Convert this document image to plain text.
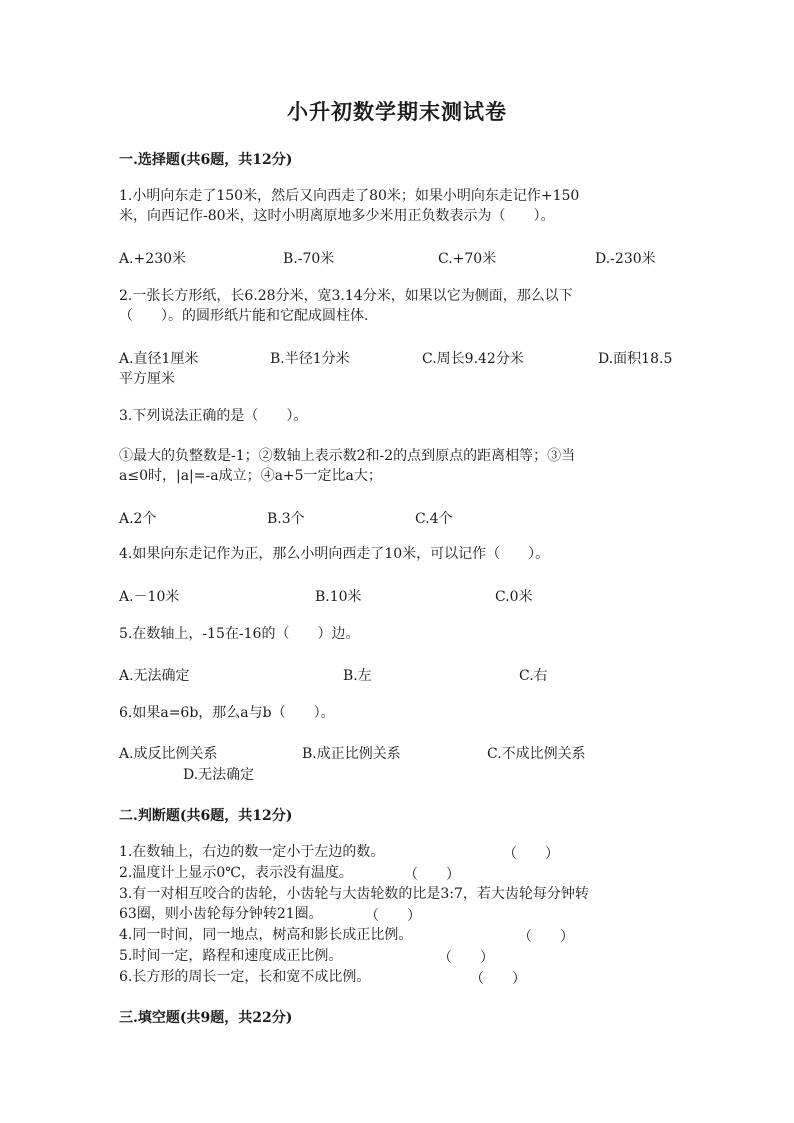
小升初数学期末测试卷
一.选择题(共6题，共12分)
1.小明向东走了150米，然后又向西走了80米；如果小明向东走记作+150
米，向西记作-80米，这时小明离原地多少米用正负数表示为（　　）。
A.+230米	B.-70米	C.+70米	D.-230米
2.一张长方形纸，长6.28分米，宽3.14分米，如果以它为侧面，那么以下
（　　）。的圆形纸片能和它配成圆柱体.
A.直径1厘米	B.半径1分米	C.周长9.42分米	D.面积18.5
平方厘米
3.下列说法正确的是（　　）。
①最大的负整数是-1；②数轴上表示数2和-2的点到原点的距离相等；③当
a≤0时，|a|=-a成立；④a+5一定比a大；
A.2个	B.3个	C.4个
4.如果向东走记作为正，那么小明向西走了10米，可以记作（　　）。
A.－10米	B.10米	C.0米
5.在数轴上，-15在-16的（　　）边。
A.无法确定	B.左	C.右
6.如果a=6b，那么a与b（　　）。
A.成反比例关系	B.成正比例关系	C.不成比例关系
D.无法确定
二.判断题(共6题，共12分)
1.在数轴上，右边的数一定小于左边的数。	（　　）
2.温度计上显示0℃，表示没有温度。	（　　）
3.有一对相互咬合的齿轮，小齿轮与大齿轮数的比是3:7，若大齿轮每分钟转
63圈，则小齿轮每分钟转21圈。	（　　）
4.同一时间，同一地点，树高和影长成正比例。	（　　）
5.时间一定，路程和速度成正比例。	（　　）
6.长方形的周长一定，长和宽不成比例。	（　　）
三.填空题(共9题，共22分)
